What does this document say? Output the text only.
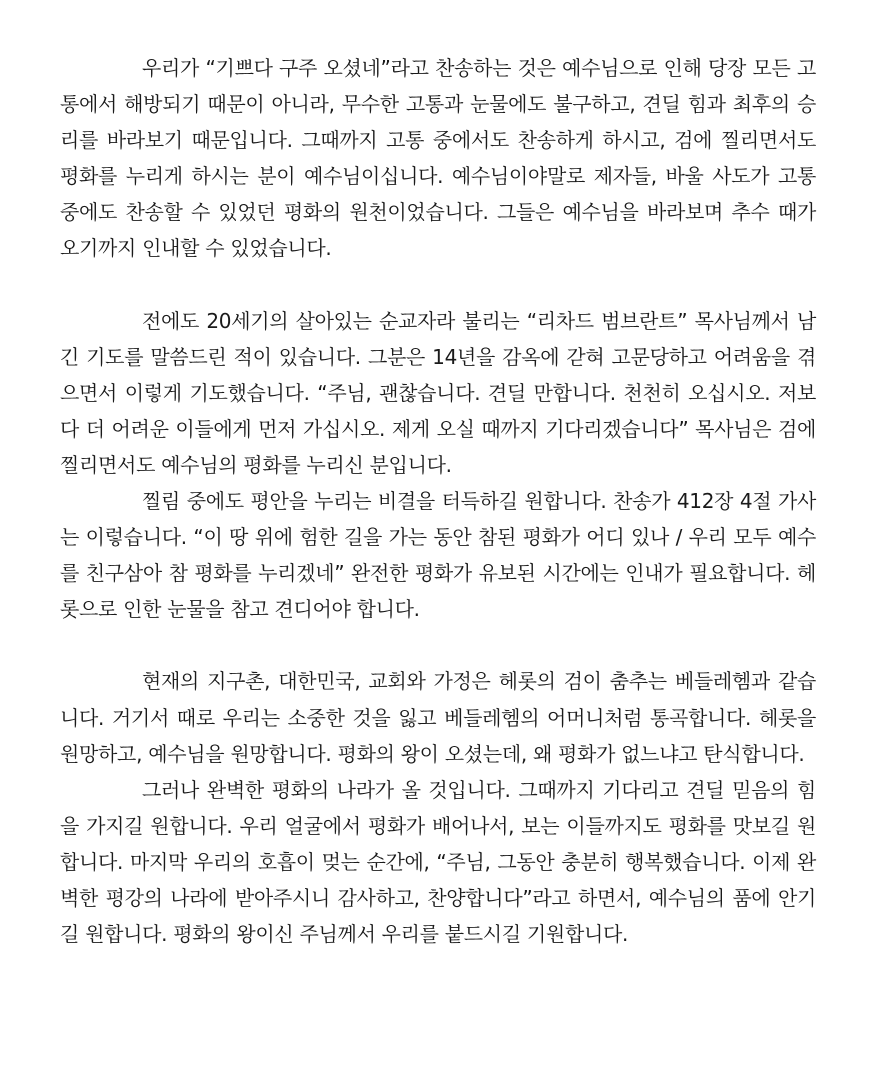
우리가 “기쁘다 구주 오셨네”라고 찬송하는 것은 예수님으로 인해 당장 모든 고통에서 해방되기 때문이 아니라, 무수한 고통과 눈물에도 불구하고, 견딜 힘과 최후의 승리를 바라보기 때문입니다. 그때까지 고통 중에서도 찬송하게 하시고, 검에 찔리면서도 평화를 누리게 하시는 분이 예수님이십니다. 예수님이야말로 제자들, 바울 사도가 고통 중에도 찬송할 수 있었던 평화의 원천이었습니다. 그들은 예수님을 바라보며 추수 때가 오기까지 인내할 수 있었습니다.

전에도 20세기의 살아있는 순교자라 불리는 “리차드 범브란트” 목사님께서 남긴 기도를 말씀드린 적이 있습니다. 그분은 14년을 감옥에 갇혀 고문당하고 어려움을 겪으면서 이렇게 기도했습니다. “주님, 괜찮습니다. 견딜 만합니다. 천천히 오십시오. 저보다 더 어려운 이들에게 먼저 가십시오. 제게 오실 때까지 기다리겠습니다” 목사님은 검에 찔리면서도 예수님의 평화를 누리신 분입니다.

찔림 중에도 평안을 누리는 비결을 터득하길 원합니다. 찬송가 412장 4절 가사는 이렇습니다. “이 땅 위에 험한 길을 가는 동안 참된 평화가 어디 있나 / 우리 모두 예수를 친구삼아 참 평화를 누리겠네” 완전한 평화가 유보된 시간에는 인내가 필요합니다. 헤롯으로 인한 눈물을 참고 견디어야 합니다.

현재의 지구촌, 대한민국, 교회와 가정은 헤롯의 검이 춤추는 베들레헴과 같습니다. 거기서 때로 우리는 소중한 것을 잃고 베들레헴의 어머니처럼 통곡합니다. 헤롯을 원망하고, 예수님을 원망합니다. 평화의 왕이 오셨는데, 왜 평화가 없느냐고 탄식합니다.

그러나 완벽한 평화의 나라가 올 것입니다. 그때까지 기다리고 견딜 믿음의 힘을 가지길 원합니다. 우리 얼굴에서 평화가 배어나서, 보는 이들까지도 평화를 맛보길 원합니다. 마지막 우리의 호흡이 멎는 순간에, “주님, 그동안 충분히 행복했습니다. 이제 완벽한 평강의 나라에 받아주시니 감사하고, 찬양합니다”라고 하면서, 예수님의 품에 안기길 원합니다. 평화의 왕이신 주님께서 우리를 붙드시길 기원합니다.
